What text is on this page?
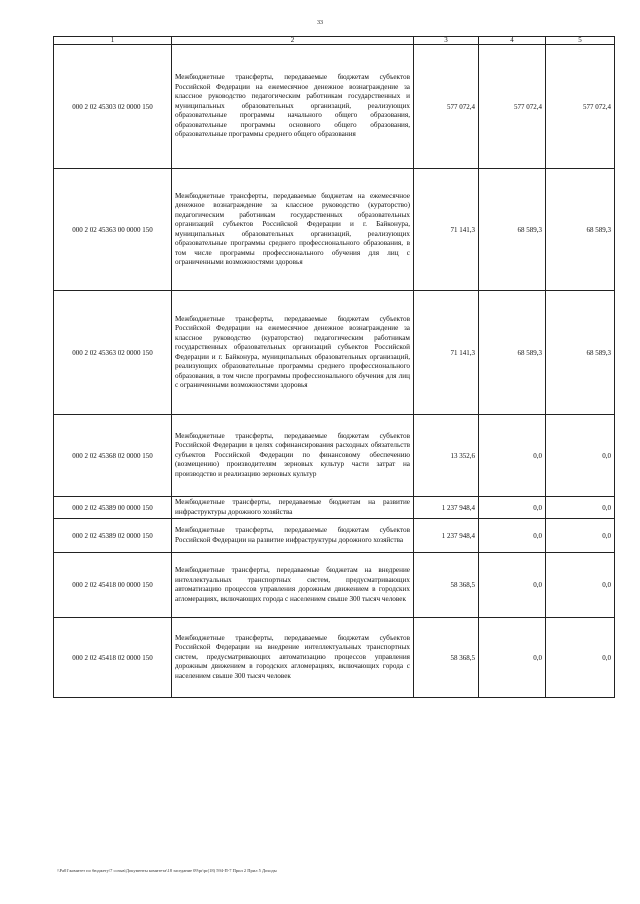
33
1	2	3	4	5
000 2 02 45303 02 0000 150	Межбюджетные трансферты, передаваемые бюджетам субъектов Российской Федерации на ежемесячное денежное вознаграждение за классное руководство педагогическим работникам государственных и муниципальных образовательных организаций, реализующих образовательные программы начального общего образования, образовательные программы основного общего образования, образовательные программы среднего общего образования	577 072,4	577 072,4	577 072,4
000 2 02 45363 00 0000 150	Межбюджетные трансферты, передаваемые бюджетам на ежемесячное денежное вознаграждение за классное руководство (кураторство) педагогическим работникам государственных образовательных организаций субъектов Российской Федерации и г. Байконура, муниципальных образовательных организаций, реализующих образовательные программы среднего профессионального образования, в том числе программы профессионального обучения для лиц с ограниченными возможностями здоровья	71 141,3	68 589,3	68 589,3
000 2 02 45363 02 0000 150	Межбюджетные трансферты, передаваемые бюджетам субъектов Российской Федерации на ежемесячное денежное вознаграждение за классное руководство (кураторство) педагогическим работникам государственных образовательных организаций субъектов Российской Федерации и г. Байконура, муниципальных образовательных организаций, реализующих образовательные программы среднего профессионального образования, в том числе программы профессионального обучения для лиц с ограниченными возможностями здоровья	71 141,3	68 589,3	68 589,3
000 2 02 45368 02 0000 150	Межбюджетные трансферты, передаваемые бюджетам субъектов Российской Федерации в целях софинансирования расходных обязательств субъектов Российской Федерации по финансовому обеспечению (возмещению) производителям зерновых культур части затрат на производство и реализацию зерновых культур	13 352,6	0,0	0,0
000 2 02 45389 00 0000 150	Межбюджетные трансферты, передаваемые бюджетам на развитие инфраструктуры дорожного хозяйства	1 237 948,4	0,0	0,0
000 2 02 45389 02 0000 150	Межбюджетные трансферты, передаваемые бюджетам субъектов Российской Федерации на развитие инфраструктуры дорожного хозяйства	1 237 948,4	0,0	0,0
000 2 02 45418 00 0000 150	Межбюджетные трансферты, передаваемые бюджетам на внедрение интеллектуальных транспортных систем, предусматривающих автоматизацию процессов управления дорожным движением в городских агломерациях, включающих города с населением свыше 300 тысяч человек	58 368,5	0,0	0,0
000 2 02 45418 02 0000 150	Межбюджетные трансферты, передаваемые бюджетам субъектов Российской Федерации на внедрение интеллектуальных транспортных систем, предусматривающих автоматизацию процессов управления дорожным движением в городских агломерациях, включающих города с населением свыше 300 тысяч человек	58 368,5	0,0	0,0
\\Pa01\комитет по бюджету\7 созыв\Документы комитета\18 заседание 09\pr\pr(18) 594-П-7 Прил 2 Прил 5 Доходы
